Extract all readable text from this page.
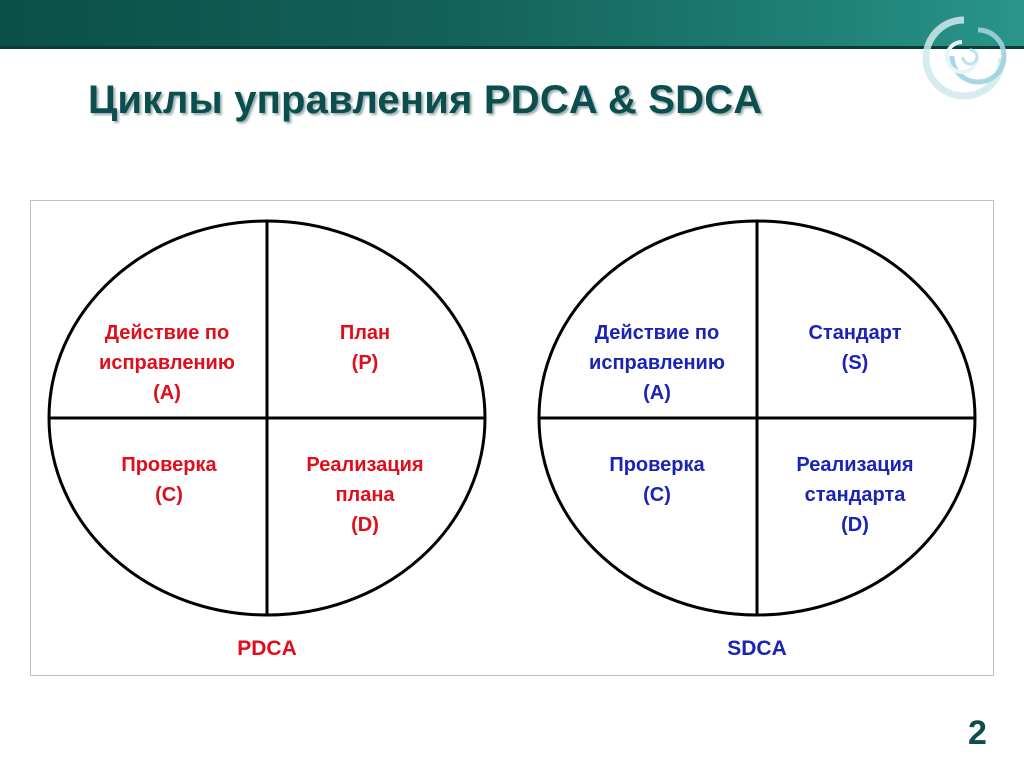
Циклы управления PDCA & SDCA
Действие по
исправлению
(A)
План
(P)
Проверка
(C)
Реализация
плана
(D)
PDCA
Действие по
исправлению
(A)
Стандарт
(S)
Проверка
(C)
Реализация
стандарта
(D)
SDCA
2
